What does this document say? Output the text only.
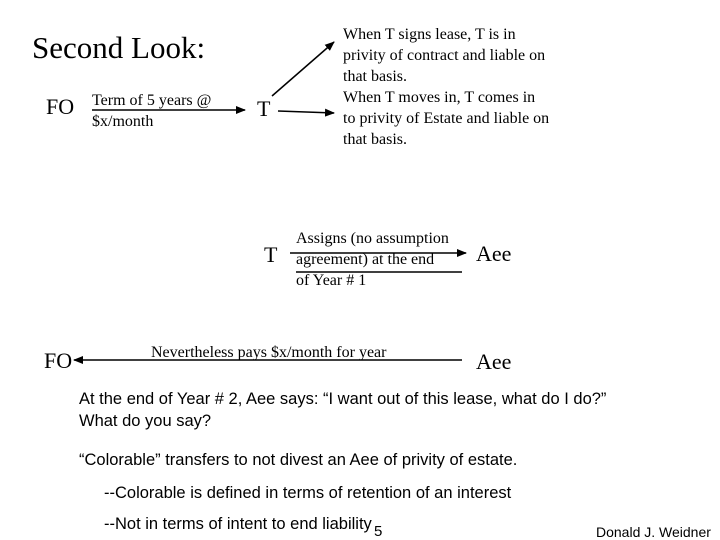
Second Look:
FO Term of 5 years @
$x/month
T
When T signs lease, T is in
privity of contract and liable on
that basis.
When T moves in, T comes in
to privity of Estate and liable on
that basis.
T
Assigns (no assumption
agreement) at the end
of Year # 1
Aee
FO	Nevertheless pays $x/month for year	Aee
At the end of Year # 2, Aee says: “I want out of this lease, what do I do?”
What do you say?
“Colorable” transfers to not divest an Aee of privity of estate.
--Colorable is defined in terms of retention of an interest
--Not in terms of intent to end liability 5	Donald J. Weidner
